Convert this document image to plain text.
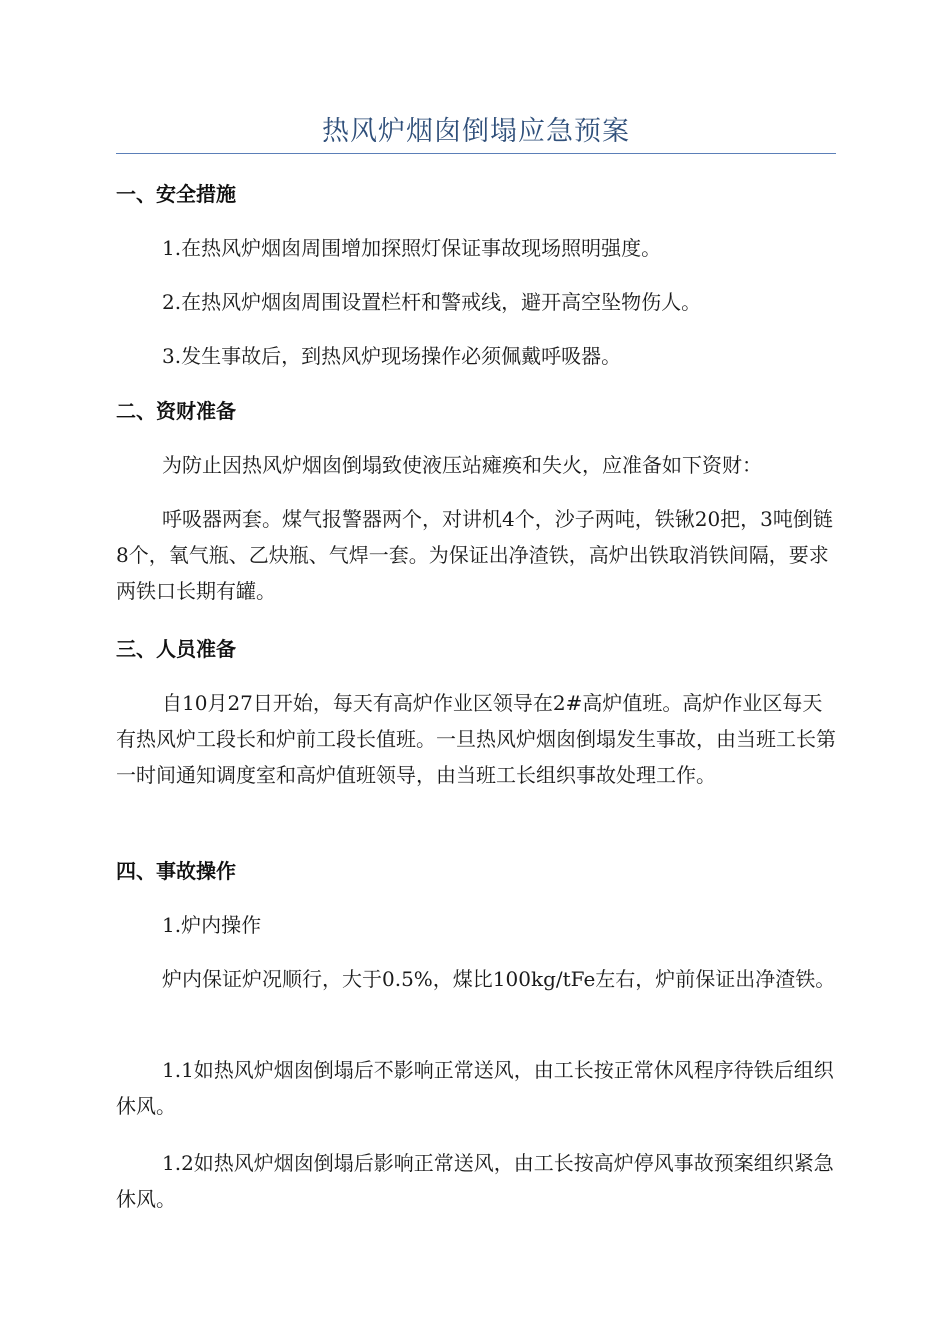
热风炉烟囱倒塌应急预案
一、安全措施
1.在热风炉烟囱周围增加探照灯保证事故现场照明强度。
2.在热风炉烟囱周围设置栏杆和警戒线，避开高空坠物伤人。
3.发生事故后，到热风炉现场操作必须佩戴呼吸器。
二、资财准备
为防止因热风炉烟囱倒塌致使液压站瘫痪和失火，应准备如下资财：
呼吸器两套。煤气报警器两个，对讲机4个，沙子两吨，铁锹20把，3吨倒链8个，氧气瓶、乙炔瓶、气焊一套。为保证出净渣铁，高炉出铁取消铁间隔，要求两铁口长期有罐。
三、人员准备
自10月27日开始，每天有高炉作业区领导在2#高炉值班。高炉作业区每天有热风炉工段长和炉前工段长值班。一旦热风炉烟囱倒塌发生事故，由当班工长第一时间通知调度室和高炉值班领导，由当班工长组织事故处理工作。
四、事故操作
1.炉内操作
炉内保证炉况顺行，大于0.5%，煤比100kg/tFe左右，炉前保证出净渣铁。
1.1如热风炉烟囱倒塌后不影响正常送风，由工长按正常休风程序待铁后组织休风。
1.2如热风炉烟囱倒塌后影响正常送风，由工长按高炉停风事故预案组织紧急休风。
